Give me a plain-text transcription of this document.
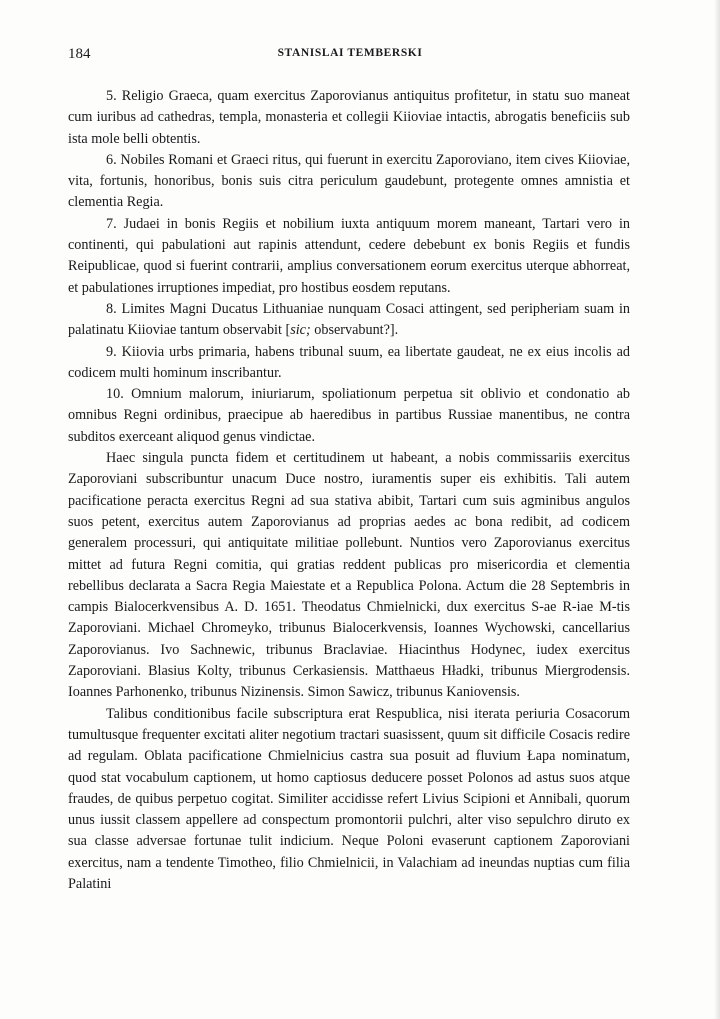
184	STANISLAI TEMBERSKI

5. Religio Graeca, quam exercitus Zaporovianus antiquitus profitetur, in statu suo maneat cum iuribus ad cathedras, templa, monasteria et collegii Kiioviae intactis, abrogatis beneficiis sub ista mole belli obtentis.

6. Nobiles Romani et Graeci ritus, qui fuerunt in exercitu Zaporoviano, item cives Kiioviae, vita, fortunis, honoribus, bonis suis citra periculum gaudebunt, protegente omnes amnistia et clementia Regia.

7. Judaei in bonis Regiis et nobilium iuxta antiquum morem maneant, Tartari vero in continenti, qui pabulationi aut rapinis attendunt, cedere debebunt ex bonis Regiis et fundis Reipublicae, quod si fuerint contrarii, amplius conversationem eorum exercitus uterque abhorreat, et pabulationes irruptiones impediat, pro hostibus eosdem reputans.

8. Limites Magni Ducatus Lithuaniae nunquam Cosaci attingent, sed peripheriam suam in palatinatu Kiioviae tantum observabit [sic; observabunt?].

9. Kiiovia urbs primaria, habens tribunal suum, ea libertate gaudeat, ne ex eius incolis ad codicem multi hominum inscribantur.

10. Omnium malorum, iniuriarum, spoliationum perpetua sit oblivio et condonatio ab omnibus Regni ordinibus, praecipue ab haeredibus in partibus Russiae manentibus, ne contra subditos exerceant aliquod genus vindictae.

Haec singula puncta fidem et certitudinem ut habeant, a nobis commissariis exercitus Zaporoviani subscribuntur unacum Duce nostro, iuramentis super eis exhibitis. Tali autem pacificatione peracta exercitus Regni ad sua stativa abibit, Tartari cum suis agminibus angulos suos petent, exercitus autem Zaporovianus ad proprias aedes ac bona redibit, ad codicem generalem processuri, qui antiquitate militiae pollebunt. Nuntios vero Zaporovianus exercitus mittet ad futura Regni comitia, qui gratias reddent publicas pro misericordia et clementia rebellibus declarata a Sacra Regia Maiestate et a Republica Polona. Actum die 28 Septembris in campis Bialocerkvensibus A. D. 1651. Theodatus Chmielnicki, dux exercitus S-ae R-iae M-tis Zaporoviani. Michael Chromeyko, tribunus Bialocerkvensis, Ioannes Wychowski, cancellarius Zaporovianus. Ivo Sachnewic, tribunus Braclaviae. Hiacinthus Hodynec, iudex exercitus Zaporoviani. Blasius Kolty, tribunus Cerkasiensis. Matthaeus Hładki, tribunus Miergrodensis. Ioannes Parhonenko, tribunus Nizinensis. Simon Sawicz, tribunus Kaniovensis.

Talibus conditionibus facile subscriptura erat Respublica, nisi iterata periuria Cosacorum tumultusque frequenter excitati aliter negotium tractari suasissent, quum sit difficile Cosacis redire ad regulam. Oblata pacificatione Chmielnicius castra sua posuit ad fluvium Łapa nominatum, quod stat vocabulum captionem, ut homo captiosus deducere posset Polonos ad astus suos atque fraudes, de quibus perpetuo cogitat. Similiter accidisse refert Livius Scipioni et Annibali, quorum unus iussit classem appellere ad conspectum promontorii pulchri, alter viso sepulchro diruto ex sua classe adversae fortunae tulit indicium. Neque Poloni evaserunt captionem Zaporoviani exercitus, nam a tendente Timotheo, filio Chmielnicii, in Valachiam ad ineundas nuptias cum filia Palatini
